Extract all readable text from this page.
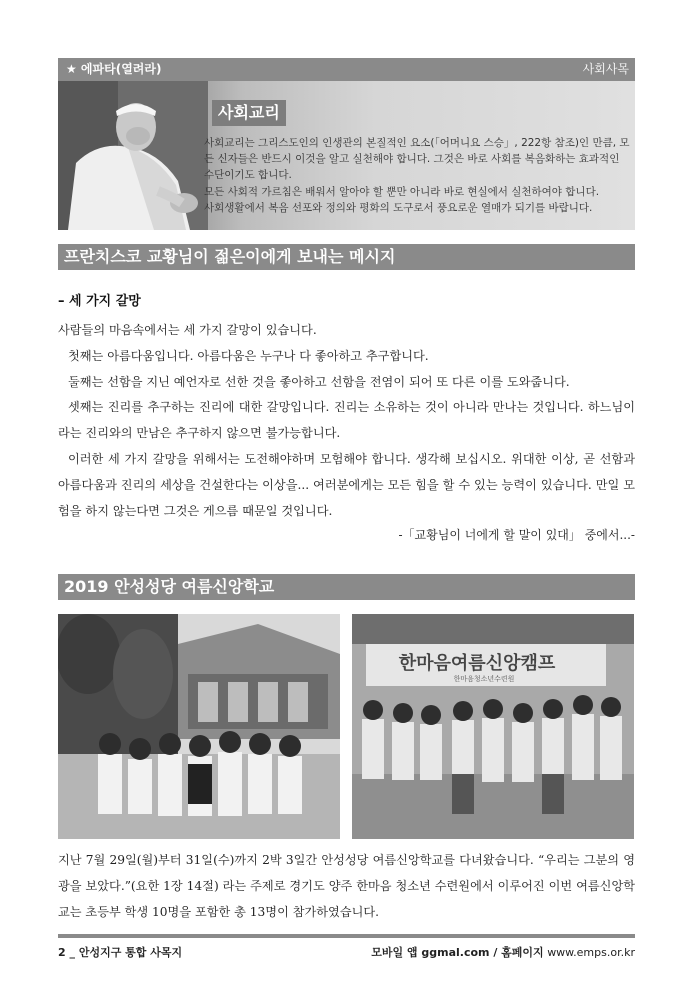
★ 에파타(열려라)	사회사목
사회교리

사회교리는 그리스도인의 인생관의 본질적인 요소(「어머니요 스승」, 222항 참조)인 만큼, 모든 신자들은 반드시 이것을 알고 실천해야 합니다. 그것은 바로 사회를 복음화하는 효과적인 수단이기도 합니다.

모든 사회적 가르침은 배워서 알아야 할 뿐만 아니라 바로 현실에서 실천하여야 합니다.

사회생활에서 복음 선포와 정의와 평화의 도구로서 풍요로운 열매가 되기를 바랍니다.

프란치스코 교황님이 젊은이에게 보내는 메시지
– 세 가지 갈망

사람들의 마음속에서는 세 가지 갈망이 있습니다.

첫째는 아름다움입니다. 아름다움은 누구나 다 좋아하고 추구합니다.

둘째는 선함을 지닌 예언자로 선한 것을 좋아하고 선함을 전염이 되어 또 다른 이를 도와줍니다.

셋째는 진리를 추구하는 진리에 대한 갈망입니다. 진리는 소유하는 것이 아니라 만나는 것입니다. 하느님이라는 진리와의 만남은 추구하지 않으면 불가능합니다.

이러한 세 가지 갈망을 위해서는 도전해야하며 모험해야 합니다. 생각해 보십시오. 위대한 이상, 곧 선함과 아름다움과 진리의 세상을 건설한다는 이상을... 여러분에게는 모든 힘을 할 수 있는 능력이 있습니다. 만일 모험을 하지 않는다면 그것은 게으름 때문일 것입니다.

-「교황님이 너에게 할 말이 있대」 중에서...-
2019 안성성당 여름신앙학교
한마음여름신앙캠프
한마음청소년수련원

지난 7월 29일(월)부터 31일(수)까지 2박 3일간 안성성당 여름신앙학교를 다녀왔습니다. “우리는 그분의 영광을 보았다.”(요한 1장 14절) 라는 주제로 경기도 양주 한마음 청소년 수련원에서 이루어진 이번 여름신앙학교는 초등부 학생 10명을 포함한 총 13명이 참가하였습니다.

2 _ 안성지구 통합 사목지	모바일 앱 ggmal.com / 홈페이지 www.emps.or.kr
